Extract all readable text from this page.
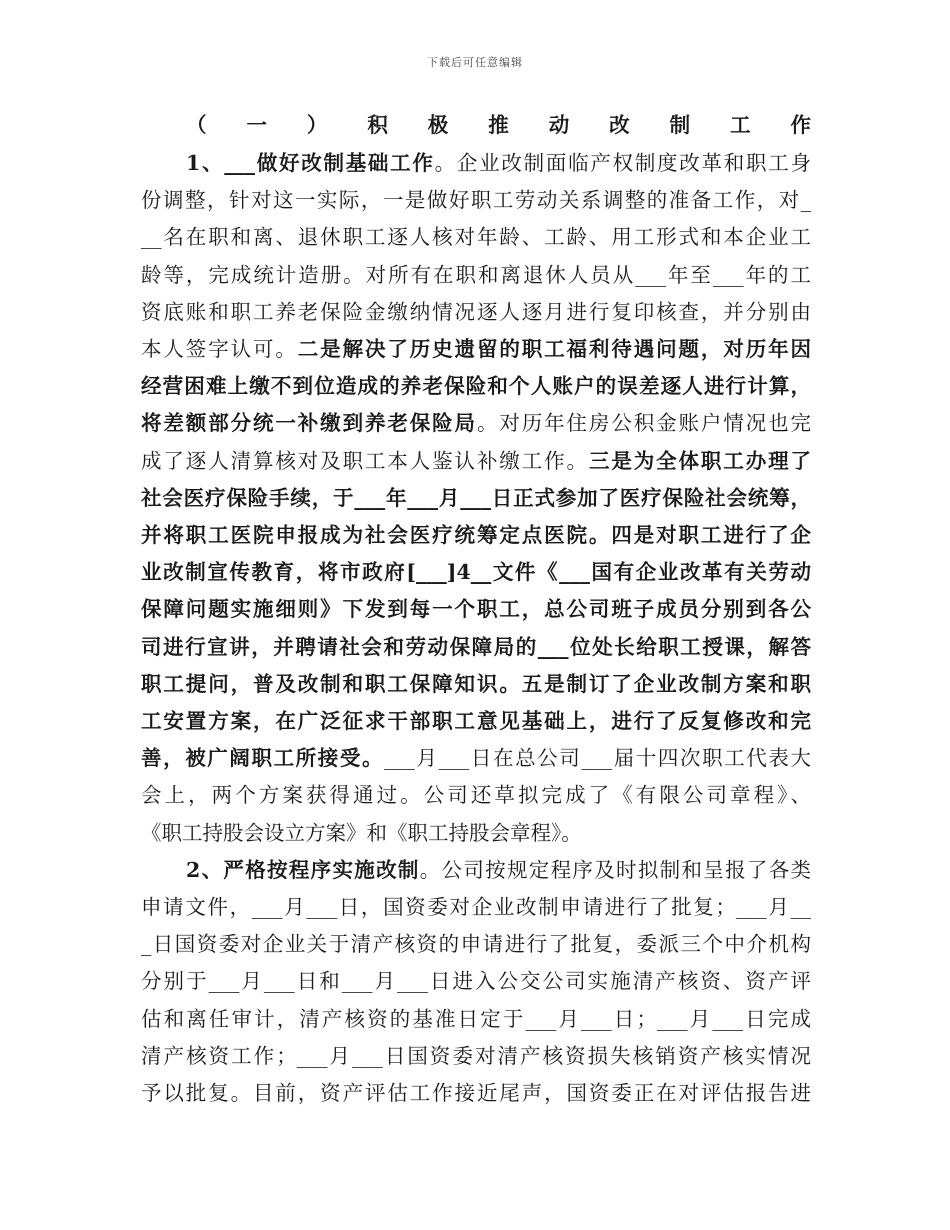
下载后可任意编辑
（一）积极推动改制工作
1、___做好改制基础工作。企业改制面临产权制度改革和职工身
份调整，针对这一实际，一是做好职工劳动关系调整的准备工作，对_
__名在职和离、退休职工逐人核对年龄、工龄、用工形式和本企业工
龄等，完成统计造册。对所有在职和离退休人员从___年至___年的工
资底账和职工养老保险金缴纳情况逐人逐月进行复印核查，并分别由
本人签字认可。二是解决了历史遗留的职工福利待遇问题，对历年因
经营困难上缴不到位造成的养老保险和个人账户的误差逐人进行计算，
将差额部分统一补缴到养老保险局。对历年住房公积金账户情况也完
成了逐人清算核对及职工本人鉴认补缴工作。三是为全体职工办理了
社会医疗保险手续，于___年___月___日正式参加了医疗保险社会统筹，
并将职工医院申报成为社会医疗统筹定点医院。四是对职工进行了企
业改制宣传教育，将市政府[___]4__文件《___国有企业改革有关劳动
保障问题实施细则》下发到每一个职工，总公司班子成员分别到各公
司进行宣讲，并聘请社会和劳动保障局的___位处长给职工授课，解答
职工提问，普及改制和职工保障知识。五是制订了企业改制方案和职
工安置方案，在广泛征求干部职工意见基础上，进行了反复修改和完
善，被广阔职工所接受。___月___日在总公司___届十四次职工代表大
会上，两个方案获得通过。公司还草拟完成了《有限公司章程》、
《职工持股会设立方案》和《职工持股会章程》。
2、严格按程序实施改制。公司按规定程序及时拟制和呈报了各类
申请文件，___月___日，国资委对企业改制申请进行了批复；___月__
_日国资委对企业关于清产核资的申请进行了批复，委派三个中介机构
分别于___月___日和___月___日进入公交公司实施清产核资、资产评
估和离任审计，清产核资的基准日定于___月___日；___月___日完成
清产核资工作；___月___日国资委对清产核资损失核销资产核实情况
予以批复。目前，资产评估工作接近尾声，国资委正在对评估报告进
